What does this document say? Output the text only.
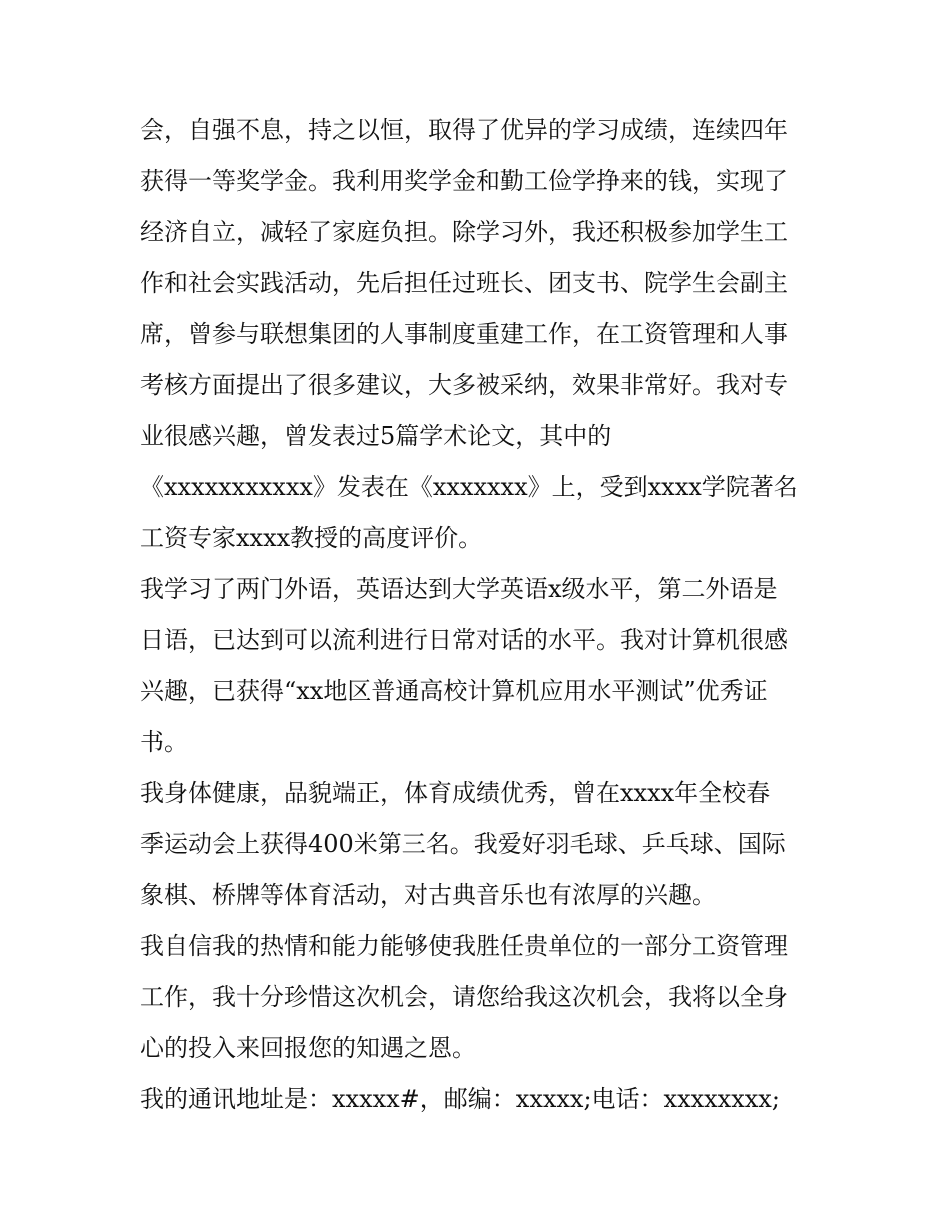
会，自强不息，持之以恒，取得了优异的学习成绩，连续四年
获得一等奖学金。我利用奖学金和勤工俭学挣来的钱，实现了
经济自立，减轻了家庭负担。除学习外，我还积极参加学生工
作和社会实践活动，先后担任过班长、团支书、院学生会副主
席，曾参与联想集团的人事制度重建工作，在工资管理和人事
考核方面提出了很多建议，大多被采纳，效果非常好。我对专
业很感兴趣，曾发表过5篇学术论文，其中的
《xxxxxxxxxxx》发表在《xxxxxxx》上，受到xxxx学院著名
工资专家xxxx教授的高度评价。
我学习了两门外语，英语达到大学英语x级水平，第二外语是
日语，已达到可以流利进行日常对话的水平。我对计算机很感
兴趣，已获得“xx地区普通高校计算机应用水平测试”优秀证
书。
我身体健康，品貌端正，体育成绩优秀，曾在xxxx年全校春
季运动会上获得400米第三名。我爱好羽毛球、乒乓球、国际
象棋、桥牌等体育活动，对古典音乐也有浓厚的兴趣。
我自信我的热情和能力能够使我胜任贵单位的一部分工资管理
工作，我十分珍惜这次机会，请您给我这次机会，我将以全身
心的投入来回报您的知遇之恩。
我的通讯地址是：xxxxx#，邮编：xxxxx;电话：xxxxxxxx;
